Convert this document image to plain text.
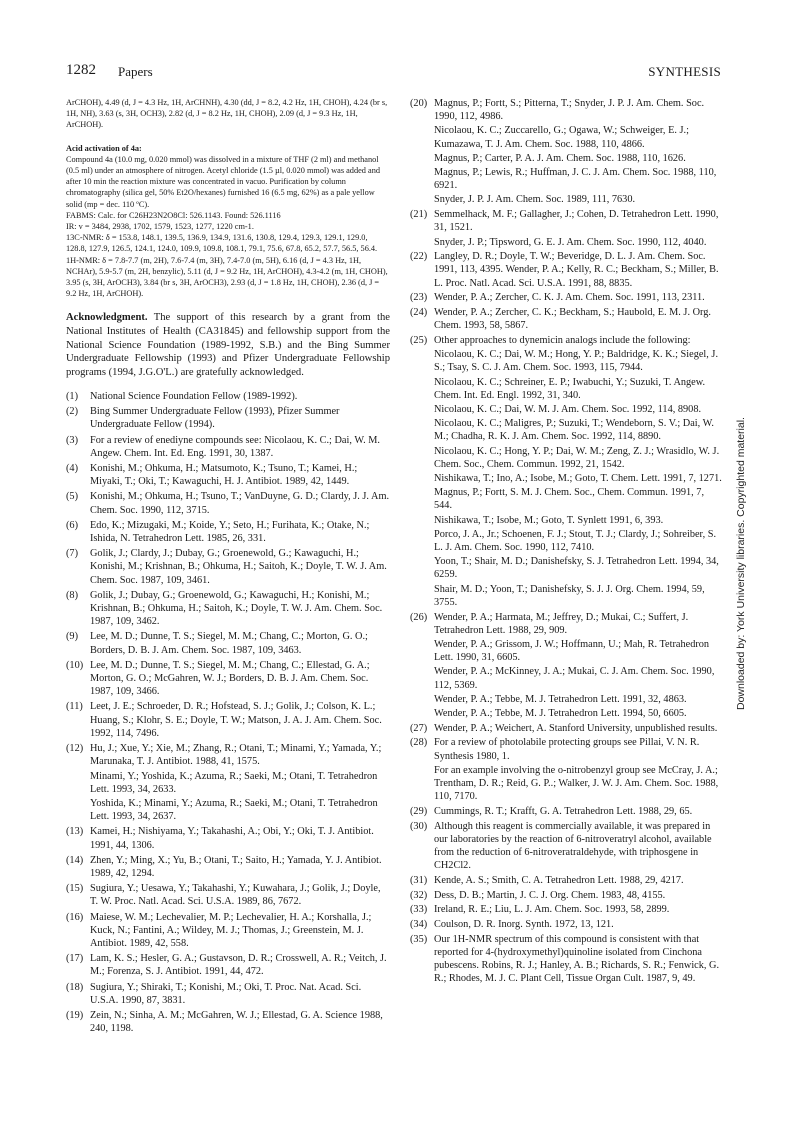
1282 Papers	SYNTHESIS

ArCHOH), 4.49 (d, J = 4.3 Hz, 1H, ArCHNH), 4.30 (dd, J = 8.2, 4.2 Hz, 1H, CHOH), 4.24 (br s, 1H, NH), 3.63 (s, 3H, OCH3), 2.82 (d, J = 8.2 Hz, 1H, CHOH), 2.09 (d, J = 9.3 Hz, 1H, ArCHOH).

Acid activation of 4a:

Compound 4a (10.0 mg, 0.020 mmol) was dissolved in a mixture of THF (2 ml) and methanol (0.5 ml) under an atmosphere of nitrogen. Acetyl chloride (1.5 µl, 0.020 mmol) was added and after 10 min the reaction mixture was concentrated in vacuo. Purification by column chromatography (silica gel, 50% Et2O/hexanes) furnished 16 (6.5 mg, 62%) as a pale yellow solid (mp = dec. 110 ºC).

FABMS: Calc. for C26H23N2O8Cl: 526.1143. Found: 526.1116

IR: v = 3484, 2938, 1702, 1579, 1523, 1277, 1220 cm-1.

13C-NMR: δ = 153.8, 148.1, 139.5, 136.9, 134.9, 131.6, 130.8, 129.4, 129.3, 129.1, 129.0, 128.8, 127.9, 126.5, 124.1, 124.0, 109.9, 109.8, 108.1, 79.1, 75.6, 67.8, 65.2, 57.7, 56.5, 56.4.

1H-NMR: δ = 7.8-7.7 (m, 2H), 7.6-7.4 (m, 3H), 7.4-7.0 (m, 5H), 6.16 (d, J = 4.3 Hz, 1H, NCHAr), 5.9-5.7 (m, 2H, benzylic), 5.11 (d, J = 9.2 Hz, 1H, ArCHOH), 4.3-4.2 (m, 1H, CHOH), 3.95 (s, 3H, ArOCH3), 3.84 (br s, 3H, ArOCH3), 2.93 (d, J = 1.8 Hz, 1H, CHOH), 2.36 (d, J = 9.2 Hz, 1H, ArCHOH).

Acknowledgment. The support of this research by a grant from the National Institutes of Health (CA31845) and fellowship support from the National Science Foundation (1989-1992, S.B.) and the Bing Summer Undergraduate Fellowship (1993) and Pfizer Undergraduate Fellowship programs (1994, J.G.O'L.) are gratefully acknowledged.

(1) National Science Foundation Fellow (1989-1992).
(2) Bing Summer Undergraduate Fellow (1993), Pfizer Summer Undergraduate Fellow (1994).
(3) For a review of enediyne compounds see: Nicolaou, K. C.; Dai, W. M. Angew. Chem. Int. Ed. Eng. 1991, 30, 1387.
(4) Konishi, M.; Ohkuma, H.; Matsumoto, K.; Tsuno, T.; Kamei, H.; Miyaki, T.; Oki, T.; Kawaguchi, H. J. Antibiot. 1989, 42, 1449.
(5) Konishi, M.; Ohkuma, H.; Tsuno, T.; VanDuyne, G. D.; Clardy, J. J. Am. Chem. Soc. 1990, 112, 3715.
(6) Edo, K.; Mizugaki, M.; Koide, Y.; Seto, H.; Furihata, K.; Otake, N.; Ishida, N. Tetrahedron Lett. 1985, 26, 331.
(7) Golik, J.; Clardy, J.; Dubay, G.; Groenewold, G.; Kawaguchi, H.; Konishi, M.; Krishnan, B.; Ohkuma, H.; Saitoh, K.; Doyle, T. W. J. Am. Chem. Soc. 1987, 109, 3461.
(8) Golik, J.; Dubay, G.; Groenewold, G.; Kawaguchi, H.; Konishi, M.; Krishnan, B.; Ohkuma, H.; Saitoh, K.; Doyle, T. W. J. Am. Chem. Soc. 1987, 109, 3462.
(9) Lee, M. D.; Dunne, T. S.; Siegel, M. M.; Chang, C.; Morton, G. O.; Borders, D. B. J. Am. Chem. Soc. 1987, 109, 3463.
(10) Lee, M. D.; Dunne, T. S.; Siegel, M. M.; Chang, C.; Ellestad, G. A.; Morton, G. O.; McGahren, W. J.; Borders, D. B. J. Am. Chem. Soc. 1987, 109, 3466.
(11) Leet, J. E.; Schroeder, D. R.; Hofstead, S. J.; Golik, J.; Colson, K. L.; Huang, S.; Klohr, S. E.; Doyle, T. W.; Matson, J. A. J. Am. Chem. Soc. 1992, 114, 7496.
(12) Hu, J.; Xue, Y.; Xie, M.; Zhang, R.; Otani, T.; Minami, Y.; Yamada, Y.; Marunaka, T. J. Antibiot. 1988, 41, 1575.
Minami, Y.; Yoshida, K.; Azuma, R.; Saeki, M.; Otani, T. Tetrahedron Lett. 1993, 34, 2633.
Yoshida, K.; Minami, Y.; Azuma, R.; Saeki, M.; Otani, T. Tetrahedron Lett. 1993, 34, 2637.
(13) Kamei, H.; Nishiyama, Y.; Takahashi, A.; Obi, Y.; Oki, T. J. Antibiot. 1991, 44, 1306.
(14) Zhen, Y.; Ming, X.; Yu, B.; Otani, T.; Saito, H.; Yamada, Y. J. Antibiot. 1989, 42, 1294.
(15) Sugiura, Y.; Uesawa, Y.; Takahashi, Y.; Kuwahara, J.; Golik, J.; Doyle, T. W. Proc. Natl. Acad. Sci. U.S.A. 1989, 86, 7672.
(16) Maiese, W. M.; Lechevalier, M. P.; Lechevalier, H. A.; Korshalla, J.; Kuck, N.; Fantini, A.; Wildey, M. J.; Thomas, J.; Greenstein, M. J. Antibiot. 1989, 42, 558.
(17) Lam, K. S.; Hesler, G. A.; Gustavson, D. R.; Crosswell, A. R.; Veitch, J. M.; Forenza, S. J. Antibiot. 1991, 44, 472.
(18) Sugiura, Y.; Shiraki, T.; Konishi, M.; Oki, T. Proc. Nat. Acad. Sci. U.S.A. 1990, 87, 3831.
(19) Zein, N.; Sinha, A. M.; McGahren, W. J.; Ellestad, G. A. Science 1988, 240, 1198.
(20) Magnus, P.; Fortt, S.; Pitterna, T.; Snyder, J. P. J. Am. Chem. Soc. 1990, 112, 4986.
Nicolaou, K. C.; Zuccarello, G.; Ogawa, W.; Schweiger, E. J.; Kumazawa, T. J. Am. Chem. Soc. 1988, 110, 4866.
Magnus, P.; Carter, P. A. J. Am. Chem. Soc. 1988, 110, 1626.
Magnus, P.; Lewis, R.; Huffman, J. C. J. Am. Chem. Soc. 1988, 110, 6921.
Snyder, J. P. J. Am. Chem. Soc. 1989, 111, 7630.
(21) Semmelhack, M. F.; Gallagher, J.; Cohen, D. Tetrahedron Lett. 1990, 31, 1521.
Snyder, J. P.; Tipsword, G. E. J. Am. Chem. Soc. 1990, 112, 4040.
(22) Langley, D. R.; Doyle, T. W.; Beveridge, D. L. J. Am. Chem. Soc. 1991, 113, 4395. Wender, P. A.; Kelly, R. C.; Beckham, S.; Miller, B. L. Proc. Natl. Acad. Sci. U.S.A. 1991, 88, 8835.
(23) Wender, P. A.; Zercher, C. K. J. Am. Chem. Soc. 1991, 113, 2311.
(24) Wender, P. A.; Zercher, C. K.; Beckham, S.; Haubold, E. M. J. Org. Chem. 1993, 58, 5867.
(25) Other approaches to dynemicin analogs include the following:
Nicolaou, K. C.; Dai, W. M.; Hong, Y. P.; Baldridge, K. K.; Siegel, J. S.; Tsay, S. C. J. Am. Chem. Soc. 1993, 115, 7944.
Nicolaou, K. C.; Schreiner, E. P.; Iwabuchi, Y.; Suzuki, T. Angew. Chem. Int. Ed. Engl. 1992, 31, 340.
Nicolaou, K. C.; Dai, W. M. J. Am. Chem. Soc. 1992, 114, 8908.
Nicolaou, K. C.; Maligres, P.; Suzuki, T.; Wendeborn, S. V.; Dai, W. M.; Chadha, R. K. J. Am. Chem. Soc. 1992, 114, 8890.
Nicolaou, K. C.; Hong, Y. P.; Dai, W. M.; Zeng, Z. J.; Wrasidlo, W. J. Chem. Soc., Chem. Commun. 1992, 21, 1542.
Nishikawa, T.; Ino, A.; Isobe, M.; Goto, T. Chem. Lett. 1991, 7, 1271.
Magnus, P.; Fortt, S. M. J. Chem. Soc., Chem. Commun. 1991, 7, 544.
Nishikawa, T.; Isobe, M.; Goto, T. Synlett 1991, 6, 393.
Porco, J. A., Jr.; Schoenen, F. J.; Stout, T. J.; Clardy, J.; Sohreiber, S. L. J. Am. Chem. Soc. 1990, 112, 7410.
Yoon, T.; Shair, M. D.; Danishefsky, S. J. Tetrahedron Lett. 1994, 34, 6259.
Shair, M. D.; Yoon, T.; Danishefsky, S. J. J. Org. Chem. 1994, 59, 3755.
(26) Wender, P. A.; Harmata, M.; Jeffrey, D.; Mukai, C.; Suffert, J. Tetrahedron Lett. 1988, 29, 909.
Wender, P. A.; Grissom, J. W.; Hoffmann, U.; Mah, R. Tetrahedron Lett. 1990, 31, 6605.
Wender, P. A.; McKinney, J. A.; Mukai, C. J. Am. Chem. Soc. 1990, 112, 5369.
Wender, P. A.; Tebbe, M. J. Tetrahedron Lett. 1991, 32, 4863.
Wender, P. A.; Tebbe, M. J. Tetrahedron Lett. 1994, 50, 6605.
(27) Wender, P. A.; Weichert, A. Stanford University, unpublished results.
(28) For a review of photolabile protecting groups see Pillai, V. N. R. Synthesis 1980, 1.
For an example involving the o-nitrobenzyl group see McCray, J. A.; Trentham, D. R.; Reid, G. P..; Walker, J. W. J. Am. Chem. Soc. 1988, 110, 7170.
(29) Cummings, R. T.; Krafft, G. A. Tetrahedron Lett. 1988, 29, 65.
(30) Although this reagent is commercially available, it was prepared in our laboratories by the reaction of 6-nitroveratryl alcohol, available from the reduction of 6-nitroveratraldehyde, with triphosgene in CH2Cl2.
(31) Kende, A. S.; Smith, C. A. Tetrahedron Lett. 1988, 29, 4217.
(32) Dess, D. B.; Martin, J. C. J. Org. Chem. 1983, 48, 4155.
(33) Ireland, R. E.; Liu, L. J. Am. Chem. Soc. 1993, 58, 2899.
(34) Coulson, D. R. Inorg. Synth. 1972, 13, 121.
(35) Our 1H-NMR spectrum of this compound is consistent with that reported for 4-(hydroxymethyl)quinoline isolated from Cinchona pubescens. Robins, R. J.; Hanley, A. B.; Richards, S. R.; Fenwick, G. R.; Rhodes, M. J. C. Plant Cell, Tissue Organ Cult. 1987, 9, 49.
Downloaded by: York University libraries. Copyrighted material.
